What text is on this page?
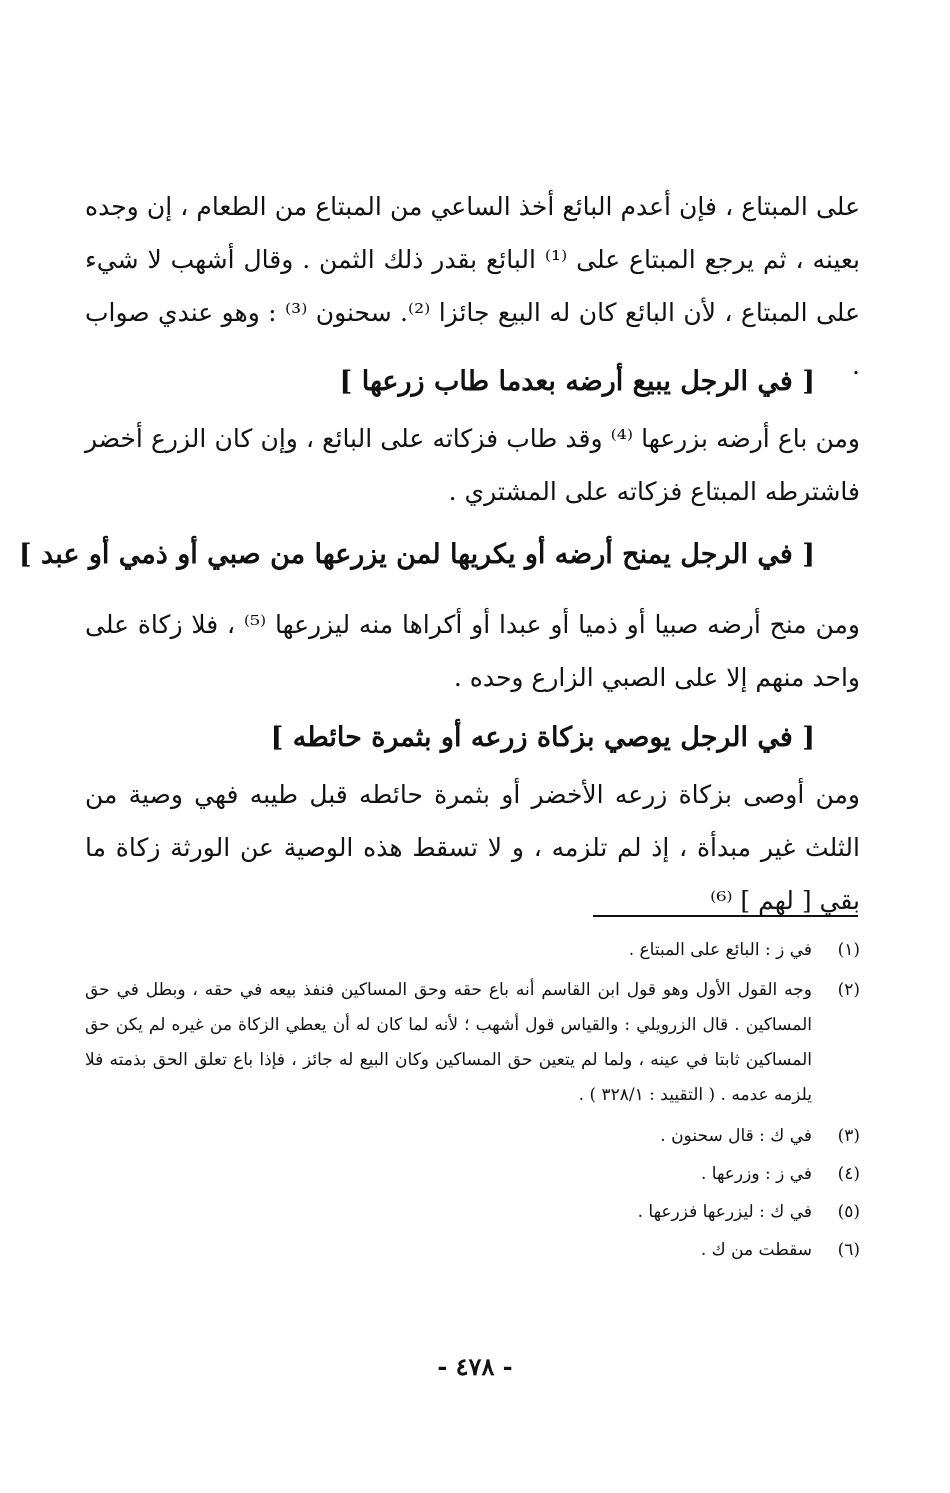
على المبتاع ، فإن أعدم البائع أخذ الساعي من المبتاع من الطعام ، إن وجده بعينه ، ثم يرجع المبتاع على ⁽¹⁾ البائع بقدر ذلك الثمن . وقال أشهب لا شيء على المبتاع ، لأن البائع كان له البيع جائزا ⁽²⁾. سحنون ⁽³⁾ : وهو عندي صواب .

[ في الرجل يبيع أرضه بعدما طاب زرعها ]

ومن باع أرضه بزرعها ⁽⁴⁾ وقد طاب فزكاته على البائع ، وإن كان الزرع أخضر فاشترطه المبتاع فزكاته على المشتري .

[ في الرجل يمنح أرضه أو يكريها لمن يزرعها من صبي أو ذمي أو عبد ]

ومن منح أرضه صبيا أو ذميا أو عبدا أو أكراها منه ليزرعها ⁽⁵⁾ ، فلا زكاة على واحد منهم إلا على الصبي الزارع وحده .

[ في الرجل يوصي بزكاة زرعه أو بثمرة حائطه ]

ومن أوصى بزكاة زرعه الأخضر أو بثمرة حائطه قبل طيبه فهي وصية من الثلث غير مبدأة ، إذ لم تلزمه ، و لا تسقط هذه الوصية عن الورثة زكاة ما بقي [ لهم ] ⁽⁶⁾

(١)
في ز : البائع على المبتاع .
(٢)
وجه القول الأول وهو قول ابن القاسم أنه باع حقه وحق المساكين فنفذ بيعه في حقه ، وبطل في حق المساكين . قال الزرويلي : والقياس قول أشهب ؛ لأنه لما كان له أن يعطي الزكاة من غيره لم يكن حق المساكين ثابتا في عينه ، ولما لم يتعين حق المساكين وكان البيع له جائز ، فإذا باع تعلق الحق بذمته فلا يلزمه عدمه . ( التقييد : ٣٢٨/١ ) .
(٣)
في ك : قال سحنون .
(٤)
في ز : وزرعها .
(٥)
في ك : ليزرعها فزرعها .
(٦)
سقطت من ك .
- ٤٧٨ -
